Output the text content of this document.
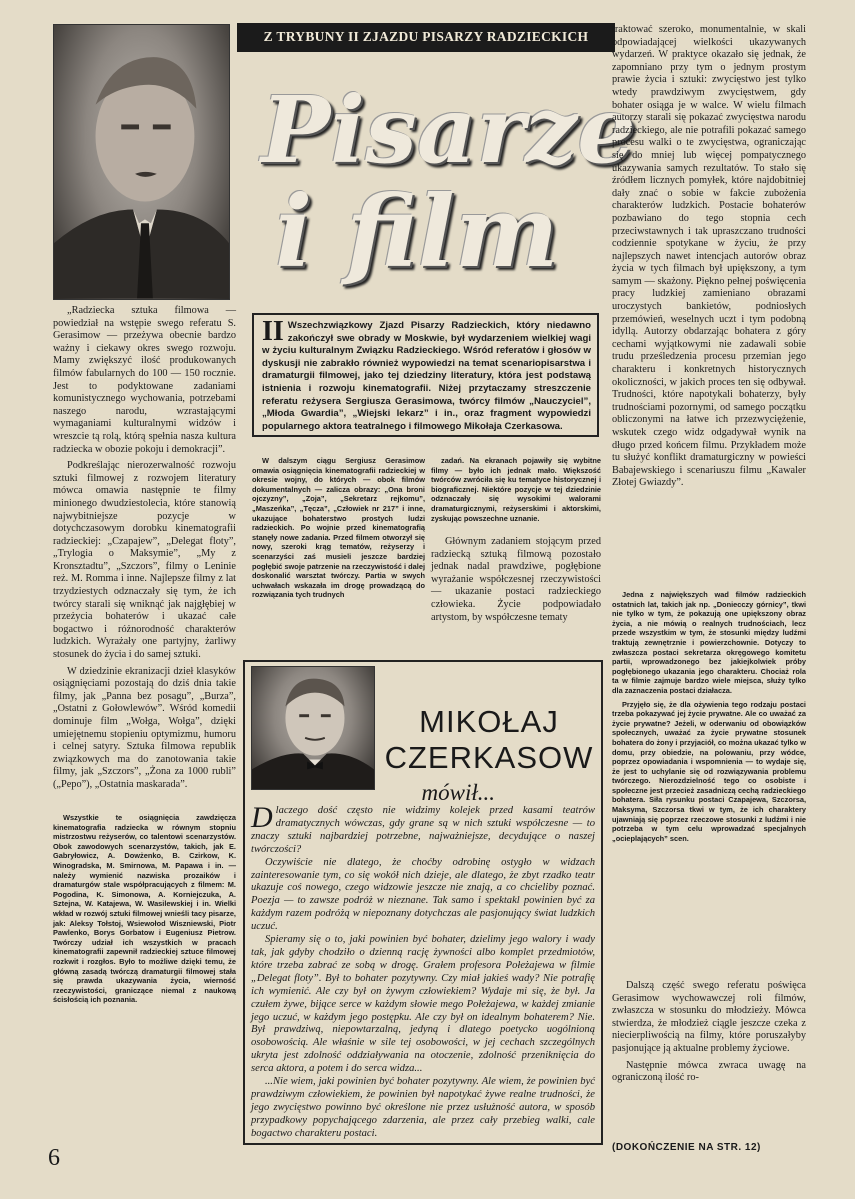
Z TRYBUNY II ZJAZDU PISARZY RADZIECKICH
Pisarze
i film
II Wszechzwiązkowy Zjazd Pisarzy Radzieckich, który niedawno zakończył swe obrady w Moskwie, był wydarzeniem wielkiej wagi w życiu kulturalnym Związku Radzieckiego. Wśród referatów i głosów w dyskusji nie zabrakło również wypowiedzi na temat scenariopisarstwa i dramaturgii filmowej, jako tej dziedziny literatury, która jest podstawą istnienia i rozwoju kinematografii. Niżej przytaczamy streszczenie referatu reżysera Sergiusza Gerasimowa, twórcy filmów „Nauczyciel”, „Młoda Gwardia”, „Wiejski lekarz” i in., oraz fragment wypowiedzi popularnego aktora teatralnego i filmowego Mikołaja Czerkasowa.

„Radziecka sztuka filmowa — powiedział na wstępie swego referatu S. Gerasimow — przeżywa obecnie bardzo ważny i ciekawy okres swego rozwoju. Mamy zwiększyć ilość produkowanych filmów fabularnych do 100 — 150 rocznie. Jest to podyktowane zadaniami komunistycznego wychowania, potrzebami naszego narodu, wzrastającymi wymaganiami kulturalnymi widzów i wreszcie tą rolą, którą spełnia nasza kultura radziecka w obozie pokoju i demokracji”.

Podkreślając nierozerwalność rozwoju sztuki filmowej z rozwojem literatury mówca omawia następnie te filmy minionego dwudziestolecia, które stanowią najwybitniejsze pozycje w dotychczasowym dorobku kinematografii radzieckiej: „Czapajew”, „Delegat floty”, „Trylogia o Maksymie”, „My z Kronsztadtu”, „Szczors”, filmy o Leninie reż. M. Romma i inne. Najlepsze filmy z lat trzydziestych odznaczały się tym, że ich twórcy starali się wniknąć jak najgłębiej w przeżycia bohaterów i ukazać całe bogactwo i różnorodność charakterów ludzkich. Wyrażały one partyjny, żarliwy stosunek do życia i do samej sztuki.

W dziedzinie ekranizacji dzieł klasyków osiągnięciami pozostają do dziś dnia takie filmy, jak „Panna bez posagu”, „Burza”, „Ostatni z Gołowlewów”. Wśród komedii dominuje film „Wołga, Wołga”, dzięki umiejętnemu stopieniu optymizmu, humoru i celnej satyry. Sztuka filmowa republik związkowych ma do zanotowania takie filmy, jak „Szczors”, „Żona za 1000 rubli” („Pepo”), „Ostatnia maskarada”.

Wszystkie te osiągnięcia zawdzięcza kinematografia radziecka w równym stopniu mistrzostwu reżyserów, co talentowi scenarzystów. Obok zawodowych scenarzystów, takich, jak E. Gabryłowicz, A. Dowżenko, B. Czirkow, K. Winogradska, M. Smirnowa, M. Papawa i in. — należy wymienić nazwiska prozaików i dramaturgów stale współpracujących z filmem: M. Pogodina, K. Simonowa, A. Korniejczuka, A. Sztejna, W. Katajewa, W. Wasilewskiej i in. Wielki wkład w rozwój sztuki filmowej wnieśli tacy pisarze, jak: Aleksy Tołstoj, Wsiewołod Wiszniewski, Piotr Pawlenko, Borys Gorbatow i Eugeniusz Pietrow. Twórczy udział ich wszystkich w pracach kinematografii zapewnił radzieckiej sztuce filmowej rozkwit i rozgłos. Było to możliwe dzięki temu, że główną zasadą twórczą dramaturgii filmowej stała się prawda ukazywania życia, wierność rzeczywistości, graniczące niemal z naukową ścisłością ich poznania.

W dalszym ciągu Sergiusz Gerasimow omawia osiągnięcia kinematografii radzieckiej w okresie wojny, do których — obok filmów dokumentalnych — zalicza obrazy: „Ona broni ojczyzny”, „Zoja”, „Sekretarz rejkomu”, „Maszeńka”, „Tęcza”, „Człowiek nr 217” i inne, ukazujące bohaterstwo prostych ludzi radzieckich. Po wojnie przed kinematografią stanęły nowe zadania. Przed filmem otworzył się nowy, szeroki krąg tematów, reżyserzy i scenarzyści zaś musieli jeszcze bardziej pogłębić swoje patrzenie na rzeczywistość i dalej doskonalić warsztat twórczy. Partia w swych uchwałach wskazała im drogę prowadzącą do rozwiązania tych trudnych

zadań. Na ekranach pojawiły się wybitne filmy — było ich jednak mało. Większość twórców zwróciła się ku tematyce historycznej i biograficznej. Niektóre pozycje w tej dziedzinie odznaczały się wysokimi walorami dramaturgicznymi, reżyserskimi i aktorskimi, zyskując powszechne uznanie.

Głównym zadaniem stojącym przed radziecką sztuką filmową pozostało jednak nadal prawdziwe, pogłębione wyrażanie współczesnej rzeczywistości — ukazanie postaci radzieckiego człowieka. Życie podpowiadało artystom, by współczesne tematy

traktować szeroko, monumentalnie, w skali odpowiadającej wielkości ukazywanych wydarzeń. W praktyce okazało się jednak, że zapomniano przy tym o jednym prostym prawie życia i sztuki: zwycięstwo jest tylko wtedy prawdziwym zwycięstwem, gdy bohater osiąga je w walce. W wielu filmach autorzy starali się pokazać zwycięstwa narodu radzieckiego, ale nie potrafili pokazać samego procesu walki o te zwycięstwa, ograniczając się do mniej lub więcej pompatycznego ukazywania samych rezultatów. To stało się źródłem licznych pomyłek, które najdobitniej dały znać o sobie w fakcie zubożenia charakterów ludzkich. Postacie bohaterów pozbawiano do tego stopnia cech przeciwstawnych i tak upraszczano trudności codziennie spotykane w życiu, że przy najlepszych nawet intencjach autorów obraz życia w tych filmach był upiększony, a tym samym — skażony. Piękno pełnej poświęcenia pracy ludzkiej zamieniano obrazami uroczystych bankietów, podniosłych przemówień, weselnych uczt i tym podobną idyllą. Autorzy obdarzając bohatera z góry cechami wyjątkowymi nie zadawali sobie trudu prześledzenia procesu przemian jego charakteru i konkretnych historycznych okoliczności, w jakich proces ten się odbywał. Trudności, które napotykali bohaterzy, były trudnościami pozornymi, od samego początku obliczonymi na łatwe ich przezwyciężenie, wskutek czego widz odgadywał wynik na długo przed końcem filmu. Przykładem może tu służyć konflikt dramaturgiczny w powieści Babajewskiego i scenariuszu filmu „Kawaler Złotej Gwiazdy”.

Jedna z największych wad filmów radzieckich ostatnich lat, takich jak np. „Doniecczy górnicy”, tkwi nie tylko w tym, że pokazują one upiększony obraz życia, a nie mówią o realnych trudnościach, lecz przede wszystkim w tym, że stosunki między ludźmi traktują zewnętrznie i powierzchownie. Dotyczy to zwłaszcza postaci sekretarza okręgowego komitetu partii, wprowadzonego bez jakiejkolwiek próby pogłębionego ukazania jego charakteru. Chociaż rola ta w filmie zajmuje bardzo wiele miejsca, służy tylko dla zaznaczenia postaci działacza.

Przyjęło się, że dla ożywienia tego rodzaju postaci trzeba pokazywać jej życie prywatne. Ale co uważać za życie prywatne? Jeżeli, w oderwaniu od obowiązków społecznych, uważać za życie prywatne stosunek bohatera do żony i przyjaciół, co można ukazać tylko w domu, przy obiedzie, na polowaniu, przy wódce, poprzez opowiadania i wspomnienia — to wydaje się, że jest to uchylanie się od rozwiązywania problemu twórczego. Nierozdzielność tego co osobiste i społeczne jest przecież zasadniczą cechą radzieckiego bohatera. Siła rysunku postaci Czapajewa, Szczorsa, Maksyma, Szczorsa tkwi w tym, że ich charaktery ujawniają się poprzez rzeczowe stosunki z ludźmi i nie potrzeba w tym celu wprowadzać specjalnych „ocieplających” scen.

Dalszą część swego referatu poświęca Gerasimow wychowawczej roli filmów, zwłaszcza w stosunku do młodzieży. Mówca stwierdza, że młodzież ciągle jeszcze czeka z niecierpliwością na filmy, które poruszałyby pasjonujące ją aktualne problemy życiowe.

Następnie mówca zwraca uwagę na ograniczoną ilość ro-

(DOKOŃCZENIE NA STR. 12)
MIKOŁAJ
CZERKASOW
mówił...

Dlaczego dość często nie widzimy kolejek przed kasami teatrów dramatycznych wówczas, gdy grane są w nich sztuki współczesne — to znaczy sztuki najbardziej potrzebne, najważniejsze, decydujące o naszej twórczości?

Oczywiście nie dlatego, że choćby odrobinę ostygło w widzach zainteresowanie tym, co się wokół nich dzieje, ale dlatego, że zbyt rzadko teatr ukazuje coś nowego, czego widzowie jeszcze nie znają, a co chcieliby poznać. Poezja — to zawsze podróż w nieznane. Tak samo i spektakl powinien być za każdym razem podróżą w niepoznany dotychczas ale pasjonujący świat ludzkich uczuć.

Spieramy się o to, jaki powinien być bohater, dzielimy jego walory i wady tak, jak gdyby chodziło o dzienną rację żywności albo komplet przedmiotów, które trzeba zabrać ze sobą w drogę. Grałem profesora Połeżajewa w filmie „Delegat floty”. Był to bohater pozytywny. Czy miał jakieś wady? Nie potrafię ich wymienić. Ale czy był on żywym człowiekiem? Wydaje mi się, że był. Ja czułem żywe, bijące serce w każdym słowie mego Połeżajewa, w każdej zmianie jego uczuć, w każdym jego postępku. Ale czy był on idealnym bohaterem? Nie. Był prawdziwą, niepowtarzalną, jedyną i dlatego poetycko uogólnioną osobowością. Ale właśnie w sile tej osobowości, w jej cechach szczególnych ukryta jest zdolność oddziaływania na otoczenie, zdolność przeniknięcia do serca aktora, a potem i do serca widza...

...Nie wiem, jaki powinien być bohater pozytywny. Ale wiem, że powinien być prawdziwym człowiekiem, że powinien był napotykać żywe realne trudności, że jego zwycięstwo powinno być określone nie przez usłużność autora, w sposób przypadkowy popychającego zdarzenia, ale przez cały przebieg walki, cale bogactwo charakteru postaci.

6
